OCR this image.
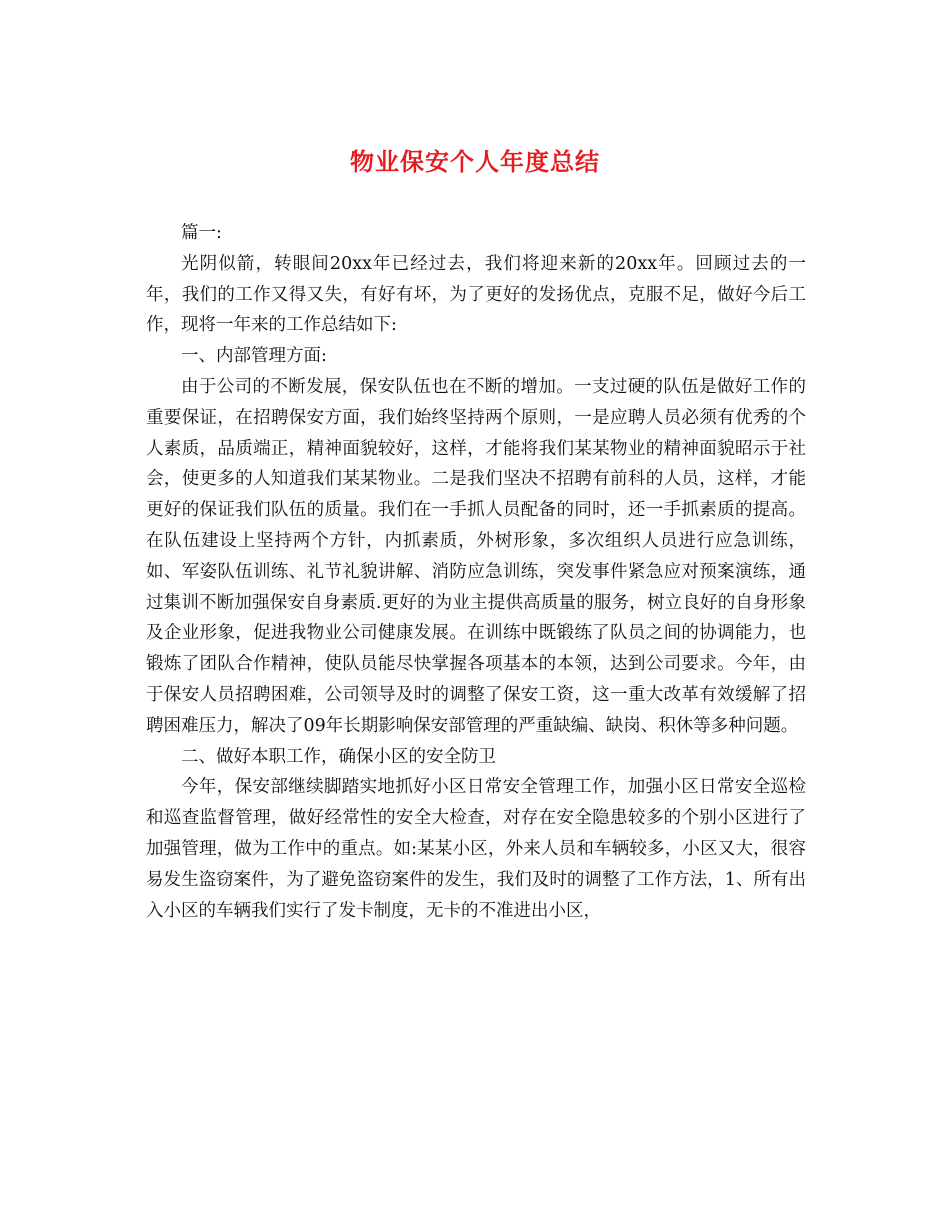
物业保安个人年度总结

篇一:

光阴似箭，转眼间20xx年已经过去，我们将迎来新的20xx年。回顾过去的一年，我们的工作又得又失，有好有坏，为了更好的发扬优点，克服不足，做好今后工作，现将一年来的工作总结如下:

一、内部管理方面:

由于公司的不断发展，保安队伍也在不断的增加。一支过硬的队伍是做好工作的重要保证，在招聘保安方面，我们始终坚持两个原则，一是应聘人员必须有优秀的个人素质，品质端正，精神面貌较好，这样，才能将我们某某物业的精神面貌昭示于社会，使更多的人知道我们某某物业。二是我们坚决不招聘有前科的人员，这样，才能更好的保证我们队伍的质量。我们在一手抓人员配备的同时，还一手抓素质的提高。在队伍建设上坚持两个方针，内抓素质，外树形象，多次组织人员进行应急训练，如、军姿队伍训练、礼节礼貌讲解、消防应急训练，突发事件紧急应对预案演练，通过集训不断加强保安自身素质.更好的为业主提供高质量的服务，树立良好的自身形象及企业形象，促进我物业公司健康发展。在训练中既锻练了队员之间的协调能力，也锻炼了团队合作精神，使队员能尽快掌握各项基本的本领，达到公司要求。今年，由于保安人员招聘困难，公司领导及时的调整了保安工资，这一重大改革有效缓解了招聘困难压力，解决了09年长期影响保安部管理的严重缺编、缺岗、积休等多种问题。

二、做好本职工作，确保小区的安全防卫

今年，保安部继续脚踏实地抓好小区日常安全管理工作，加强小区日常安全巡检和巡查监督管理，做好经常性的安全大检查，对存在安全隐患较多的个别小区进行了加强管理，做为工作中的重点。如:某某小区，外来人员和车辆较多，小区又大，很容易发生盗窃案件，为了避免盗窃案件的发生，我们及时的调整了工作方法，1、所有出入小区的车辆我们实行了发卡制度，无卡的不准进出小区，
